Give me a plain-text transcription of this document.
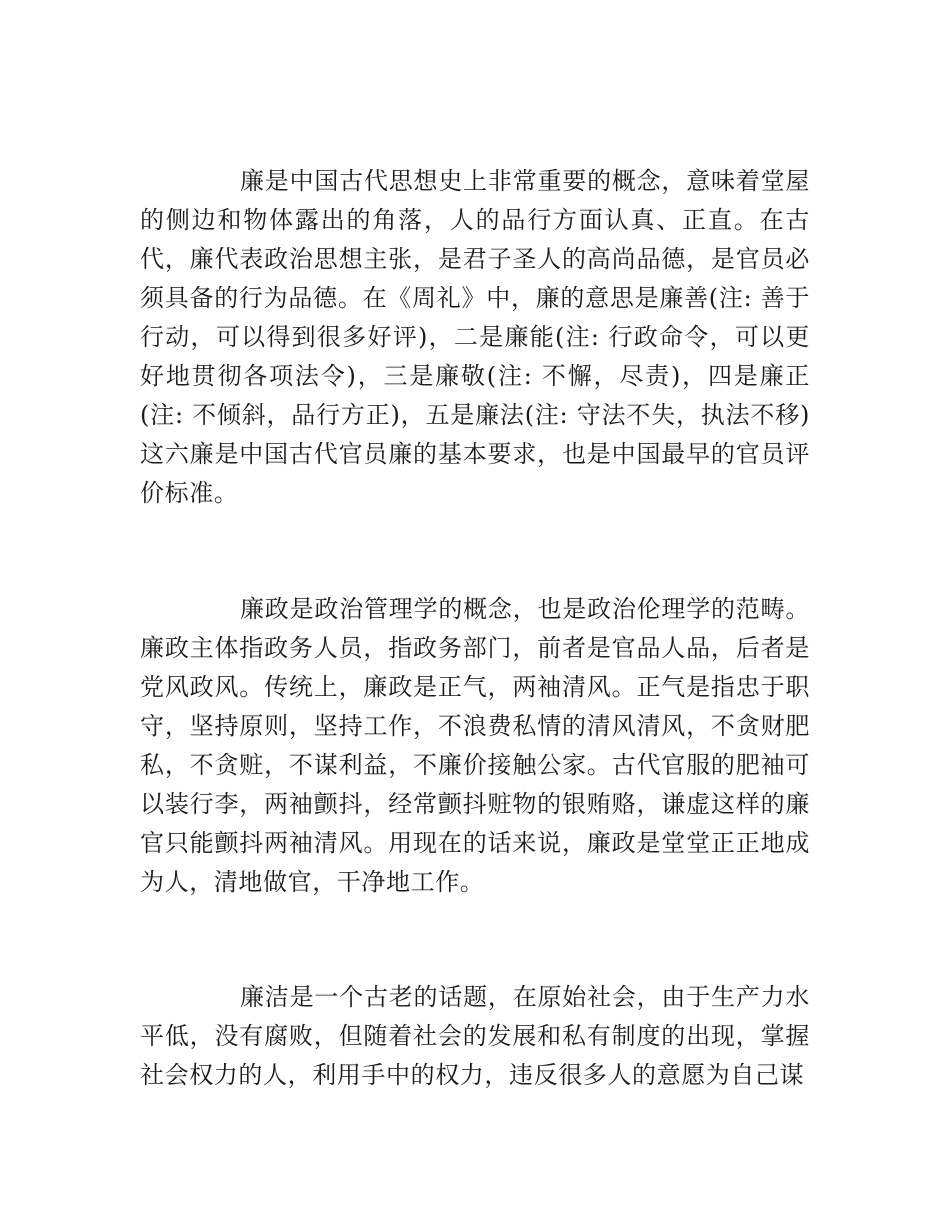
廉是中国古代思想史上非常重要的概念，意味着堂屋的侧边和物体露出的角落，人的品行方面认真、正直。在古代，廉代表政治思想主张，是君子圣人的高尚品德，是官员必须具备的行为品德。在《周礼》中，廉的意思是廉善(注: 善于行动，可以得到很多好评)，二是廉能(注: 行政命令，可以更好地贯彻各项法令)，三是廉敬(注: 不懈，尽责)，四是廉正(注: 不倾斜，品行方正)，五是廉法(注: 守法不失，执法不移)这六廉是中国古代官员廉的基本要求，也是中国最早的官员评价标准。

廉政是政治管理学的概念，也是政治伦理学的范畴。廉政主体指政务人员，指政务部门，前者是官品人品，后者是党风政风。传统上，廉政是正气，两袖清风。正气是指忠于职守，坚持原则，坚持工作，不浪费私情的清风清风，不贪财肥私，不贪赃，不谋利益，不廉价接触公家。古代官服的肥袖可以装行李，两袖颤抖，经常颤抖赃物的银贿赂，谦虚这样的廉官只能颤抖两袖清风。用现在的话来说，廉政是堂堂正正地成为人，清地做官，干净地工作。

廉洁是一个古老的话题，在原始社会，由于生产力水平低，没有腐败，但随着社会的发展和私有制度的出现，掌握社会权力的人，利用手中的权力，违反很多人的意愿为自己谋
